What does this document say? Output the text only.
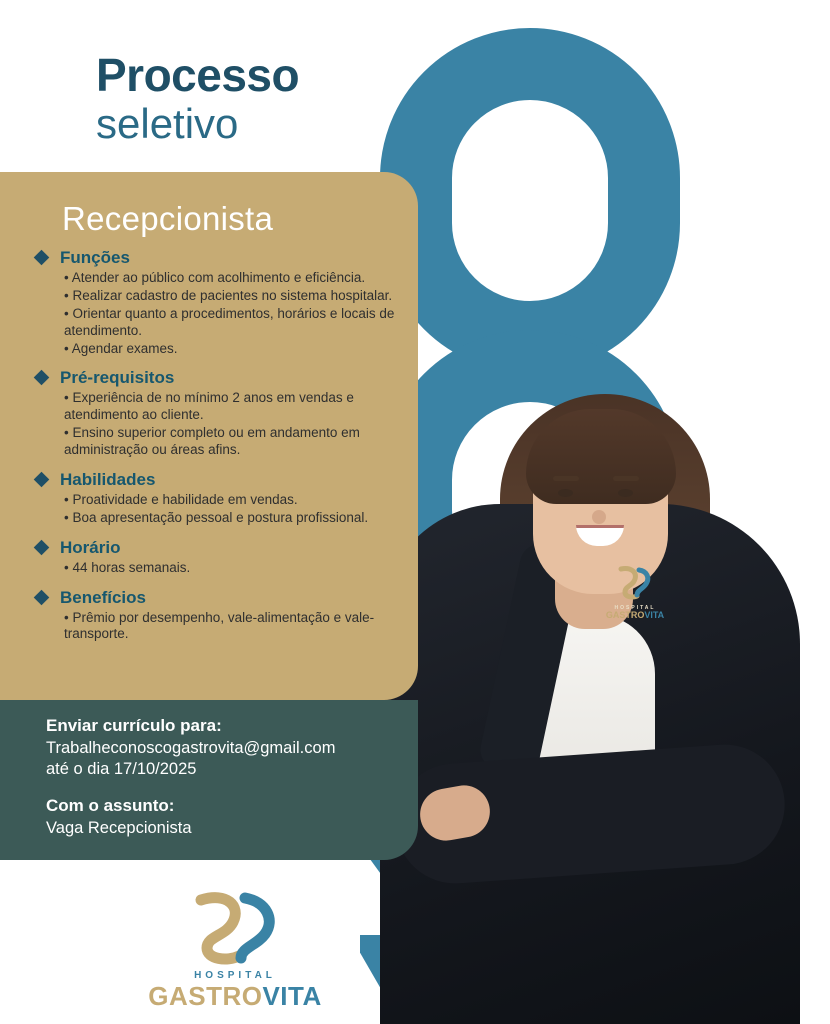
HOSPITAL
GASTROVITA
Processo
seletivo
Recepcionista
Funções
• Atender ao público com acolhimento e eficiência.
• Realizar cadastro de pacientes no sistema hospitalar.
• Orientar quanto a procedimentos, horários e locais de atendimento.
• Agendar exames.
Pré-requisitos
• Experiência de no mínimo 2 anos em vendas e atendimento ao cliente.
• Ensino superior completo ou em andamento em administração ou áreas afins.
Habilidades
• Proatividade e habilidade em vendas.
• Boa apresentação pessoal e postura profissional.
Horário
• 44 horas semanais.
Benefícios
• Prêmio por desempenho, vale-alimentação e vale-transporte.
Enviar currículo para:
Trabalheconoscogastrovita@gmail.com
até o dia 17/10/2025
Com o assunto:
Vaga Recepcionista
HOSPITAL
GASTROVITA
